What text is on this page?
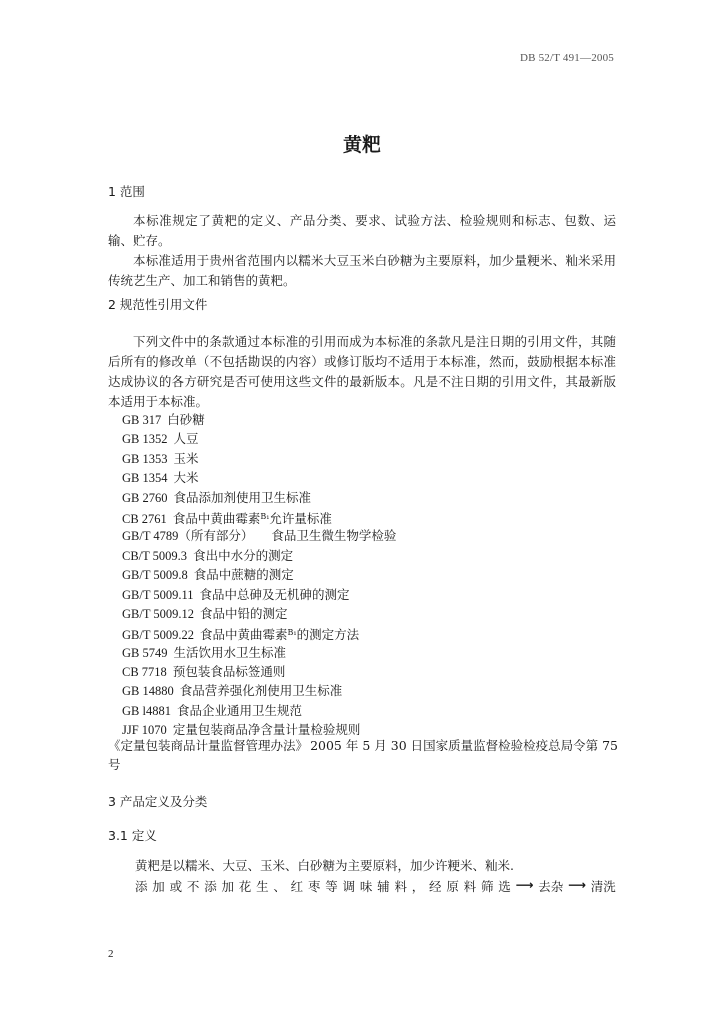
DB 52/T 491—2005
黄粑
1 范围

本标准规定了黄粑的定义、产品分类、要求、试验方法、检验规则和标志、包数、运输、贮存。

本标准适用于贵州省范围内以糯米大豆玉米白砂糖为主要原料，加少量粳米、籼米采用传统艺生产、加工和销售的黄粑。

2 规范性引用文件

下列文件中的条款通过本标准的引用而成为本标准的条款凡是注日期的引用文件，其随后所有的修改单（不包括勘误的内容）或修订版均不适用于本标准，然而，鼓励根据本标准达成协议的各方研究是否可使用这些文件的最新版本。凡是不注日期的引用文件，其最新版本适用于本标准。

GB 317 白砂糖
GB 1352 人豆
GB 1353 玉米
GB 1354 大米
GB 2760 食品添加剂使用卫生标准
CB 2761 食品中黄曲霉素$^{B_1}$允许量标准
GB/T 4789（所有部分） 食品卫生微生物学检验
CB/T 5009.3 食出中水分的测定
GB/T 5009.8 食品中蔗糖的测定
GB/T 5009.11 食品中总砷及无机砷的测定
GB/T 5009.12 食品中铅的测定
GB/T 5009.22 食品中黄曲霉素$^{B_1}$的测定方法
GB 5749 生活饮用水卫生标准
CB 7718 预包装食品标签通则
GB 14880 食品营养强化剂使用卫生标准
GB l4881 食品企业通用卫生规范
JJF 1070 定量包装商品净含量计量检验规则
《定量包装商品计量监督管理办法》 2005 年 5 月 30 日国家质量监督检验检疫总局令第 75
号
3 产品定义及分类
3.1 定义
黄粑是以糯米、大豆、玉米、白砂糖为主要原料，加少许粳米、籼米.
添 加 或 不 添 加 花 生 、 红 枣 等 调 味 辅 料 ， 经 原 料 筛 选 ⟶ 去杂 ⟶ 清洗
2
